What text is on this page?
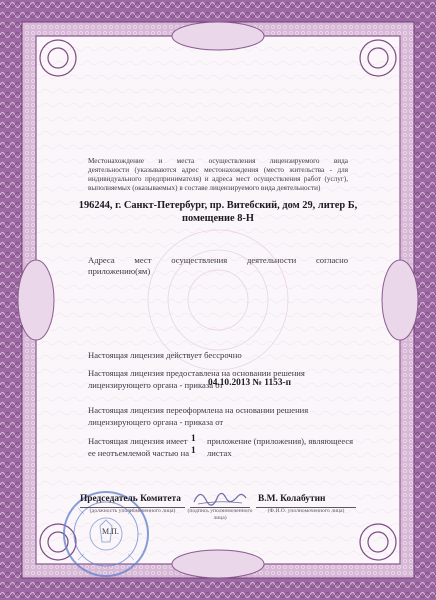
Местонахождение и места осуществления лицензируемого вида
деятельности (указываются адрес местонахождения (место жительства - для
индивидуального предпринимателя) и адреса мест осуществления работ (услуг),
выполняемых (оказываемых) в составе лицензируемого вида деятельности)
196244, г. Санкт-Петербург, пр. Витебский, дом 29, литер Б,
помещение 8-Н
Адреса мест осуществления деятельности согласно
приложению(ям)
Настоящая лицензия действует бессрочно
Настоящая лицензия предоставлена на основании решения
лицензирующего органа - приказа от
04.10.2013 № 1153-п
Настоящая лицензия переоформлена на основании решения
лицензирующего органа - приказа от
Настоящая лицензия имеет 1	приложение (приложения), являющееся
ее неотъемлемой частью на 1	листах
Председатель Комитета
(должность уполномоченного лица)	(подпись уполномоченного лица)
В.М. Колабутин
(Ф.И.О. уполномоченного лица)
М.П.
